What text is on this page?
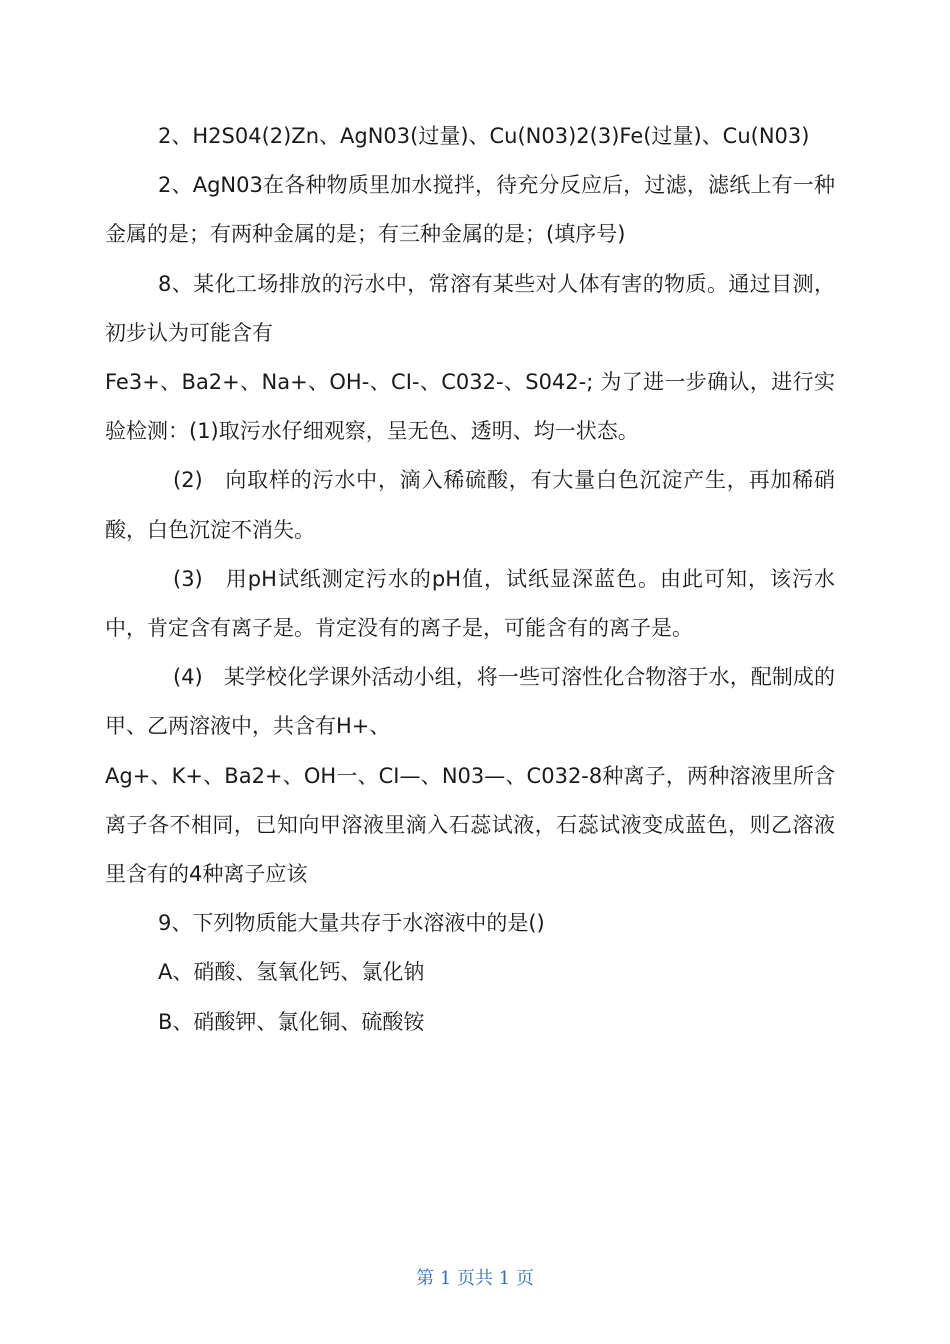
2、H2S04(2)Zn、AgN03(过量)、Cu(N03)2(3)Fe(过量)、Cu(N03)

2、AgN03在各种物质里加水搅拌，待充分反应后，过滤，滤纸上有一种金属的是；有两种金属的是；有三种金属的是；(填序号)

8、某化工场排放的污水中，常溶有某些对人体有害的物质。通过目测，初步认为可能含有

Fe3+、Ba2+、Na+、OH-、CI-、C032-、S042-; 为了进一步确认，进行实验检测：(1)取污水仔细观察，呈无色、透明、均一状态。

(2)　向取样的污水中，滴入稀硫酸，有大量白色沉淀产生，再加稀硝酸，白色沉淀不消失。

(3)　用pH试纸测定污水的pH值，试纸显深蓝色。由此可知，该污水中，肯定含有离子是。肯定没有的离子是，可能含有的离子是。

(4)　某学校化学课外活动小组，将一些可溶性化合物溶于水，配制成的甲、乙两溶液中，共含有H+、

Ag+、K+、Ba2+、OH一、CI—、N03—、C032-8种离子，两种溶液里所含离子各不相同，已知向甲溶液里滴入石蕊试液，石蕊试液变成蓝色，则乙溶液里含有的4种离子应该

9、下列物质能大量共存于水溶液中的是()

A、硝酸、氢氧化钙、氯化钠

B、硝酸钾、氯化铜、硫酸铵

第 1 页共 1 页
